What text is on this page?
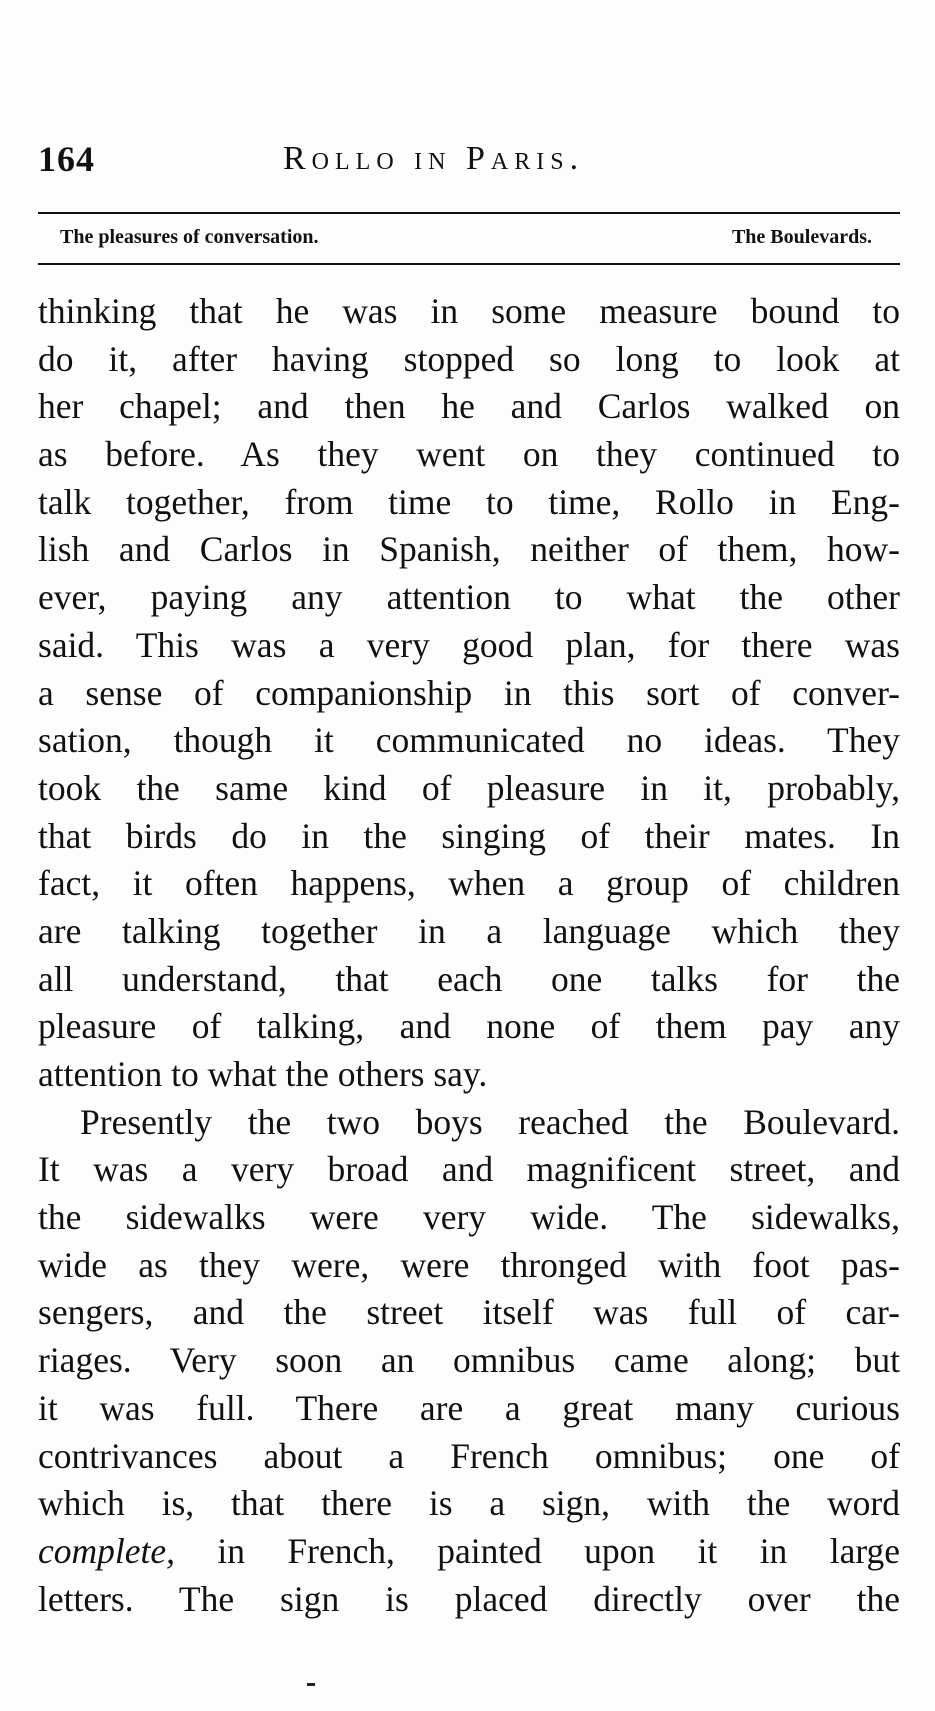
164	Rollo in Paris.
The pleasures of conversation.	The Boulevards.
thinking that he was in some measure bound to
do it, after having stopped so long to look at
her chapel; and then he and Carlos walked on
as before. As they went on they continued to
talk together, from time to time, Rollo in Eng-
lish and Carlos in Spanish, neither of them, how-
ever, paying any attention to what the other
said. This was a very good plan, for there was
a sense of companionship in this sort of conver-
sation, though it communicated no ideas. They
took the same kind of pleasure in it, probably,
that birds do in the singing of their mates. In
fact, it often happens, when a group of children
are talking together in a language which they
all understand, that each one talks for the
pleasure of talking, and none of them pay any
attention to what the others say.
Presently the two boys reached the Boulevard.
It was a very broad and magnificent street, and
the sidewalks were very wide. The sidewalks,
wide as they were, were thronged with foot pas-
sengers, and the street itself was full of car-
riages. Very soon an omnibus came along; but
it was full. There are a great many curious
contrivances about a French omnibus; one of
which is, that there is a sign, with the word
complete, in French, painted upon it in large
letters. The sign is placed directly over the
